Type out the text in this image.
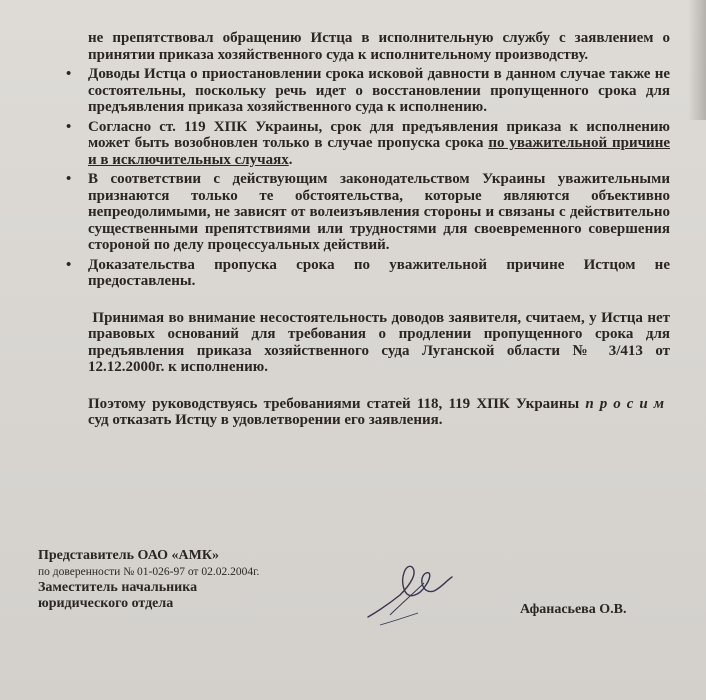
не препятствовал обращению Истца в исполнительную службу с заявлением о принятии приказа хозяйственного суда к исполнительному производству.

• Доводы Истца о приостановлении срока исковой давности в данном случае также не состоятельны, поскольку речь идет о восстановлении пропущенного срока для предъявления приказа хозяйственного суда к исполнению.
• Согласно ст. 119 ХПК Украины, срок для предъявления приказа к исполнению может быть возобновлен только в случае пропуска срока по уважительной причине и в исключительных случаях.
• В соответствии с действующим законодательством Украины уважительными признаются только те обстоятельства, которые являются объективно непреодолимыми, не зависят от волеизъявления стороны и связаны с действительно существенными препятствиями или трудностями для своевременного совершения стороной по делу процессуальных действий.
• Доказательства пропуска срока по уважительной причине Истцом не предоставлены.

Принимая во внимание несостоятельность доводов заявителя, считаем, у Истца нет правовых оснований для требования о продлении пропущенного срока для предъявления приказа хозяйственного суда Луганской области № 3/413 от 12.12.2000г. к исполнению.

Поэтому руководствуясь требованиями статей 118, 119 ХПК Украины просим суд отказать Истцу в удовлетворении его заявления.

Представитель ОАО «АМК»
по доверенности № 01-026-97 от 02.02.2004г.
Заместитель начальника
юридического отдела	Афанасьева О.В.
